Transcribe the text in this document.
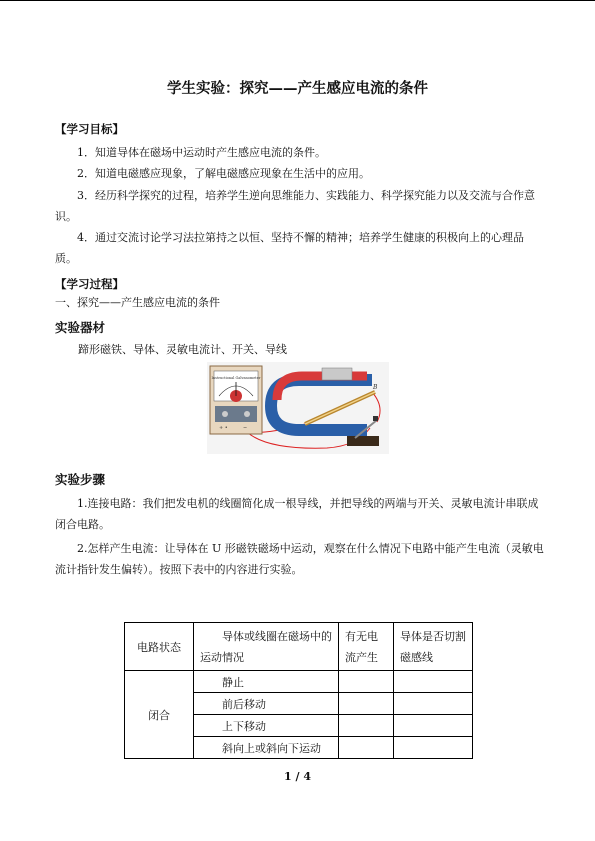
学生实验：探究——产生感应电流的条件
【学习目标】
1．知道导体在磁场中运动时产生感应电流的条件。
2．知道电磁感应现象，了解电磁感应现象在生活中的应用。
3．经历科学探究的过程，培养学生逆向思维能力、实践能力、科学探究能力以及交流与合作意识。
4．通过交流讨论学习法拉第持之以恒、坚持不懈的精神；培养学生健康的积极向上的心理品质。
【学习过程】
一、探究——产生感应电流的条件
实验器材
蹄形磁铁、导体、灵敏电流计、开关、导线
Instructional Galvanometer
+ •	−
B
实验步骤
1.连接电路：我们把发电机的线圈简化成一根导线，并把导线的两端与开关、灵敏电流计串联成闭合电路。
2.怎样产生电流：让导体在 U 形磁铁磁场中运动，观察在什么情况下电路中能产生电流（灵敏电流计指针发生偏转）。按照下表中的内容进行实验。
电路状态	导体或线圈在磁场中的运动情况	有无电流产生	导体是否切割磁感线
闭合	静止		
	前后移动		
	上下移动		
	斜向上或斜向下运动		
1 / 4
